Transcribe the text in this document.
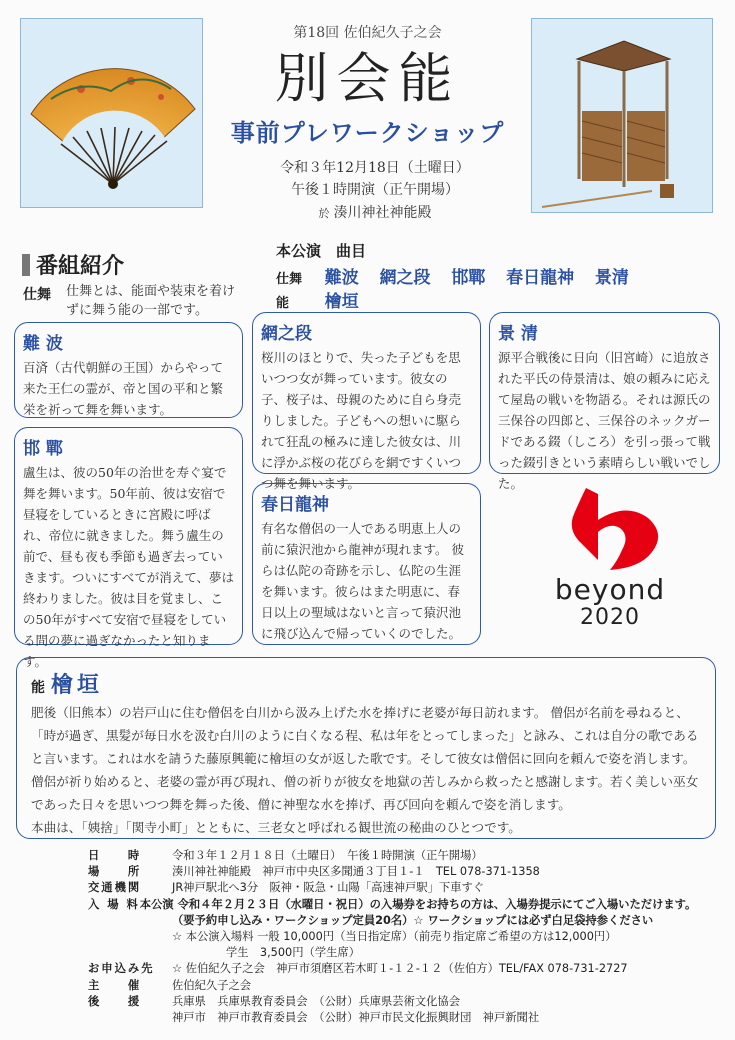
第18回 佐伯紀久子之会
別会能
事前プレワークショップ
令和３年12月18日（土曜日）
午後１時開演（正午開場）
於 湊川神社神能殿
番組紹介
仕舞 仕舞とは、能面や装束を着けずに舞う能の一部です。
本公演　曲目
仕舞 難波 網之段 邯鄲 春日龍神 景清
能 檜垣
難 波
百済（古代朝鮮の王国）からやって来た王仁の霊が、帝と国の平和と繁栄を祈って舞を舞います。
邯 鄲
盧生は、彼の50年の治世を寿ぐ宴で舞を舞います。50年前、彼は安宿で昼寝をしているときに宮殿に呼ばれ、帝位に就きました。舞う盧生の前で、昼も夜も季節も過ぎ去っていきます。ついにすべてが消えて、夢は終わりました。彼は目を覚まし、この50年がすべて安宿で昼寝をしている間の夢に過ぎなかったと知ります。
網之段
桜川のほとりで、失った子どもを思いつつ女が舞っています。彼女の子、桜子は、母親のために自ら身売りしました。子どもへの想いに駆られて狂乱の極みに達した彼女は、川に浮かぶ桜の花びらを網ですくいつつ舞を舞います。
春日龍神
有名な僧侶の一人である明恵上人の前に猿沢池から龍神が現れます。 彼らは仏陀の奇跡を示し、仏陀の生涯を舞います。彼らはまた明恵に、春日以上の聖域はないと言って猿沢池に飛び込んで帰っていくのでした。
景 清
源平合戦後に日向（旧宮崎）に追放された平氏の侍景清は、娘の頼みに応えて屋島の戦いを物語る。それは源氏の三保谷の四郎と、三保谷のネックガードである錣（しころ）を引っ張って戦った錣引きという素晴らしい戦いでした。
beyond
2020
能 檜垣
肥後（旧熊本）の岩戸山に住む僧侶を白川から汲み上げた水を捧げに老婆が毎日訪れます。 僧侶が名前を尋ねると、「時が過ぎ、黒髪が毎日水を汲む白川のように白くなる程、私は年をとってしまった」と詠み、これは自分の歌であると言います。これは水を請うた藤原興範に檜垣の女が返した歌です。そして彼女は僧侶に回向を頼んで姿を消します。僧侶が祈り始めると、老婆の霊が再び現れ、僧の祈りが彼女を地獄の苦しみから救ったと感謝します。若く美しい巫女であった日々を思いつつ舞を舞った後、僧に神聖な水を捧げ、再び回向を頼んで姿を消します。
本曲は、「姨捨」「関寺小町」とともに、三老女と呼ばれる観世流の秘曲のひとつです。
日　　時	令和３年１２月１８日（土曜日）　午後１時開演（正午開場）
場　　所	湊川神社神能殿　神戸市中央区多聞通３丁目１-１　TEL 078-371-1358
交通機関	JR神戸駅北へ3分　阪神・阪急・山陽「高速神戸駅」下車すぐ
入 場 料 本公演 令和４年２月２３日（水曜日・祝日）の入場券をお持ちの方は、入場券提示にてご入場いただけます。
（要予約申し込み・ワークショップ定員20名）☆ ワークショップには必ず白足袋持参ください
☆ 本公演入場料 一般 10,000円（当日指定席）（前売り指定席ご希望の方は12,000円）
学生　3,500円（学生席）
お申込み先	☆ 佐伯紀久子之会　神戸市須磨区若木町１-１２-１２（佐伯方）TEL/FAX 078-731-2727
主　　催	佐伯紀久子之会
後　　援	兵庫県　兵庫県教育委員会　（公財）兵庫県芸術文化協会
神戸市　神戸市教育委員会　（公財）神戸市民文化振興財団　神戸新聞社
